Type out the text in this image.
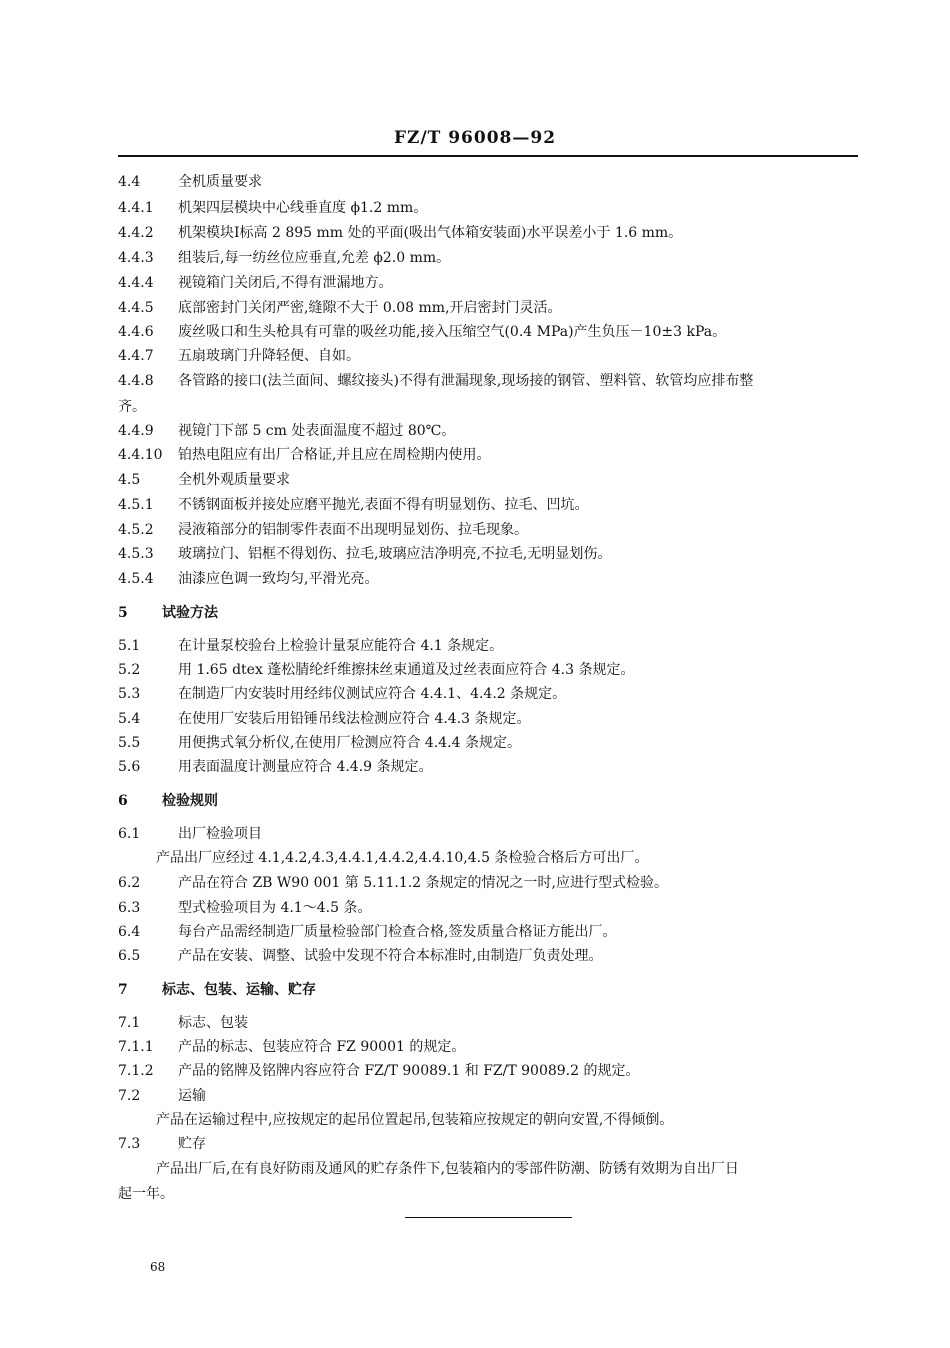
FZ/T 96008—92
4.4	全机质量要求
4.4.1 机架四层模块中心线垂直度 ϕ1.2 mm。
4.4.2 机架模块Ⅰ标高 2 895 mm 处的平面(吸出气体箱安装面)水平误差小于 1.6 mm。
4.4.3 组装后,每一纺丝位应垂直,允差 ϕ2.0 mm。
4.4.4 视镜箱门关闭后,不得有泄漏地方。
4.4.5 底部密封门关闭严密,缝隙不大于 0.08 mm,开启密封门灵活。
4.4.6 废丝吸口和生头枪具有可靠的吸丝功能,接入压缩空气(0.4 MPa)产生负压－10±3 kPa。
4.4.7 五扇玻璃门升降轻便、自如。
4.4.8 各管路的接口(法兰面间、螺纹接头)不得有泄漏现象,现场接的钢管、塑料管、软管均应排布整
齐。
4.4.9 视镜门下部 5 cm 处表面温度不超过 80℃。
4.4.10 铂热电阻应有出厂合格证,并且应在周检期内使用。
4.5	全机外观质量要求
4.5.1 不锈钢面板并接处应磨平抛光,表面不得有明显划伤、拉毛、凹坑。
4.5.2 浸液箱部分的铝制零件表面不出现明显划伤、拉毛现象。
4.5.3 玻璃拉门、铝框不得划伤、拉毛,玻璃应洁净明亮,不拉毛,无明显划伤。
4.5.4 油漆应色调一致均匀,平滑光亮。
5 试验方法
5.1	在计量泵校验台上检验计量泵应能符合 4.1 条规定。
5.2	用 1.65 dtex 蓬松腈纶纤维擦抹丝束通道及过丝表面应符合 4.3 条规定。
5.3	在制造厂内安装时用经纬仪测试应符合 4.4.1、4.4.2 条规定。
5.4	在使用厂安装后用铅锤吊线法检测应符合 4.4.3 条规定。
5.5	用便携式氧分析仪,在使用厂检测应符合 4.4.4 条规定。
5.6	用表面温度计测量应符合 4.4.9 条规定。
6 检验规则
6.1	出厂检验项目
产品出厂应经过 4.1,4.2,4.3,4.4.1,4.4.2,4.4.10,4.5 条检验合格后方可出厂。
6.2	产品在符合 ZB W90 001 第 5.11.1.2 条规定的情况之一时,应进行型式检验。
6.3	型式检验项目为 4.1～4.5 条。
6.4	每台产品需经制造厂质量检验部门检查合格,签发质量合格证方能出厂。
6.5	产品在安装、调整、试验中发现不符合本标准时,由制造厂负责处理。
7 标志、包装、运输、贮存
7.1	标志、包装
7.1.1 产品的标志、包装应符合 FZ 90001 的规定。
7.1.2 产品的铭牌及铭牌内容应符合 FZ/T 90089.1 和 FZ/T 90089.2 的规定。
7.2	运输
产品在运输过程中,应按规定的起吊位置起吊,包装箱应按规定的朝向安置,不得倾倒。
7.3	贮存
产品出厂后,在有良好防雨及通风的贮存条件下,包装箱内的零部件防潮、防锈有效期为自出厂日
起一年。
68
